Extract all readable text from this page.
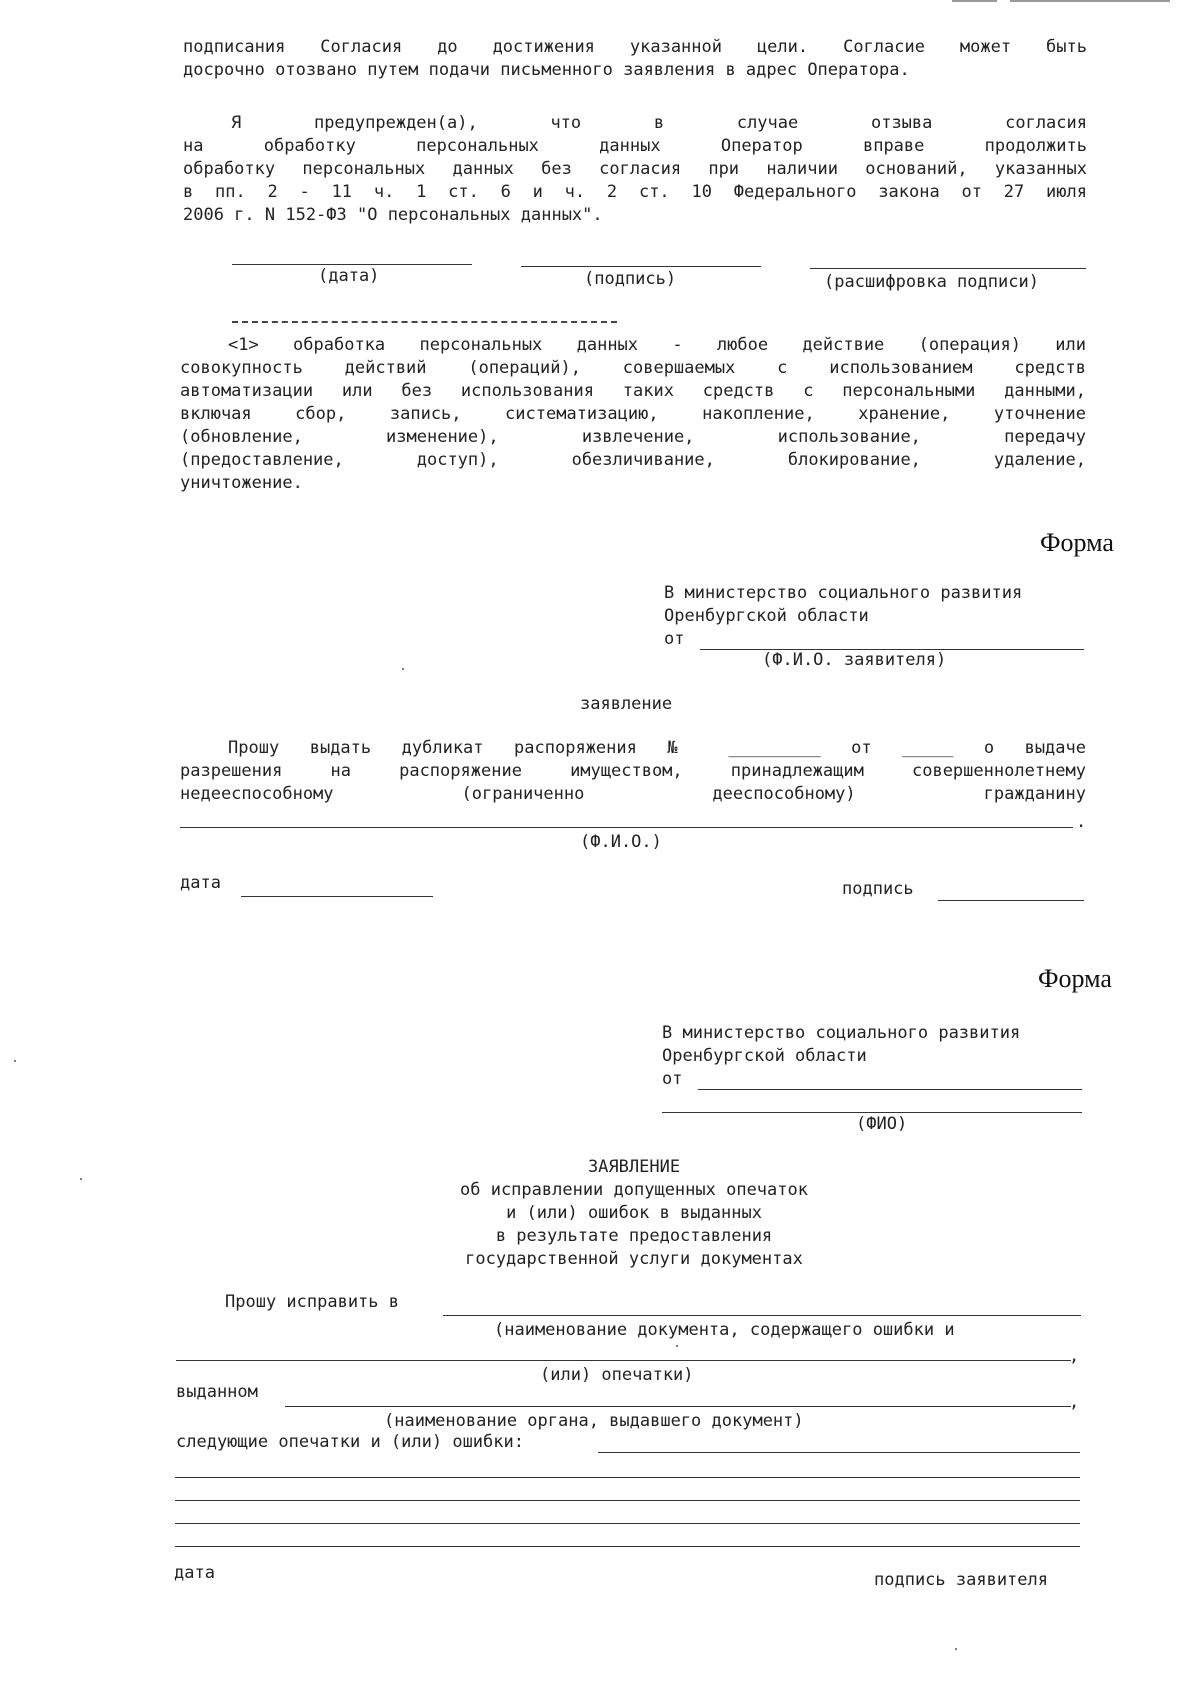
подписания Согласия до достижения указанной цели. Согласие может быть
досрочно отозвано путем подачи письменного заявления в адрес Оператора.
Я предупрежден(а), что в случае отзыва согласия
на обработку персональных данных Оператор вправе продолжить
обработку персональных данных без согласия при наличии оснований, указанных
в пп. 2 - 11 ч. 1 ст. 6 и ч. 2 ст. 10 Федерального закона от 27 июля
2006 г. N 152-ФЗ "О персональных данных".
(дата)	(подпись)	(расшифровка подписи)
<1> обработка персональных данных - любое действие (операция) или
совокупность действий (операций), совершаемых с использованием средств
автоматизации или без использования таких средств с персональными данными,
включая сбор, запись, систематизацию, накопление, хранение, уточнение
(обновление, изменение), извлечение, использование, передачу
(предоставление, доступ), обезличивание, блокирование, удаление,
уничтожение.
Форма
В министерство социального развития
Оренбургской области
от
(Ф.И.О. заявителя)
заявление
Прошу выдать дубликат распоряжения № _________ от _____ о выдаче
разрешения на распоряжение имуществом, принадлежащим совершеннолетнему
недееспособному (ограниченно дееспособному) гражданину
.
(Ф.И.О.)
дата	подпись
Форма
В министерство социального развития
Оренбургской области
от
(ФИО)
ЗАЯВЛЕНИЕ
об исправлении допущенных опечаток
и (или) ошибок в выданных
в результате предоставления
государственной услуги документах
Прошу исправить в
(наименование документа, содержащего ошибки и
,
(или) опечатки)
выданном	,
(наименование органа, выдавшего документ)
следующие опечатки и (или) ошибки:
дата	подпись заявителя
